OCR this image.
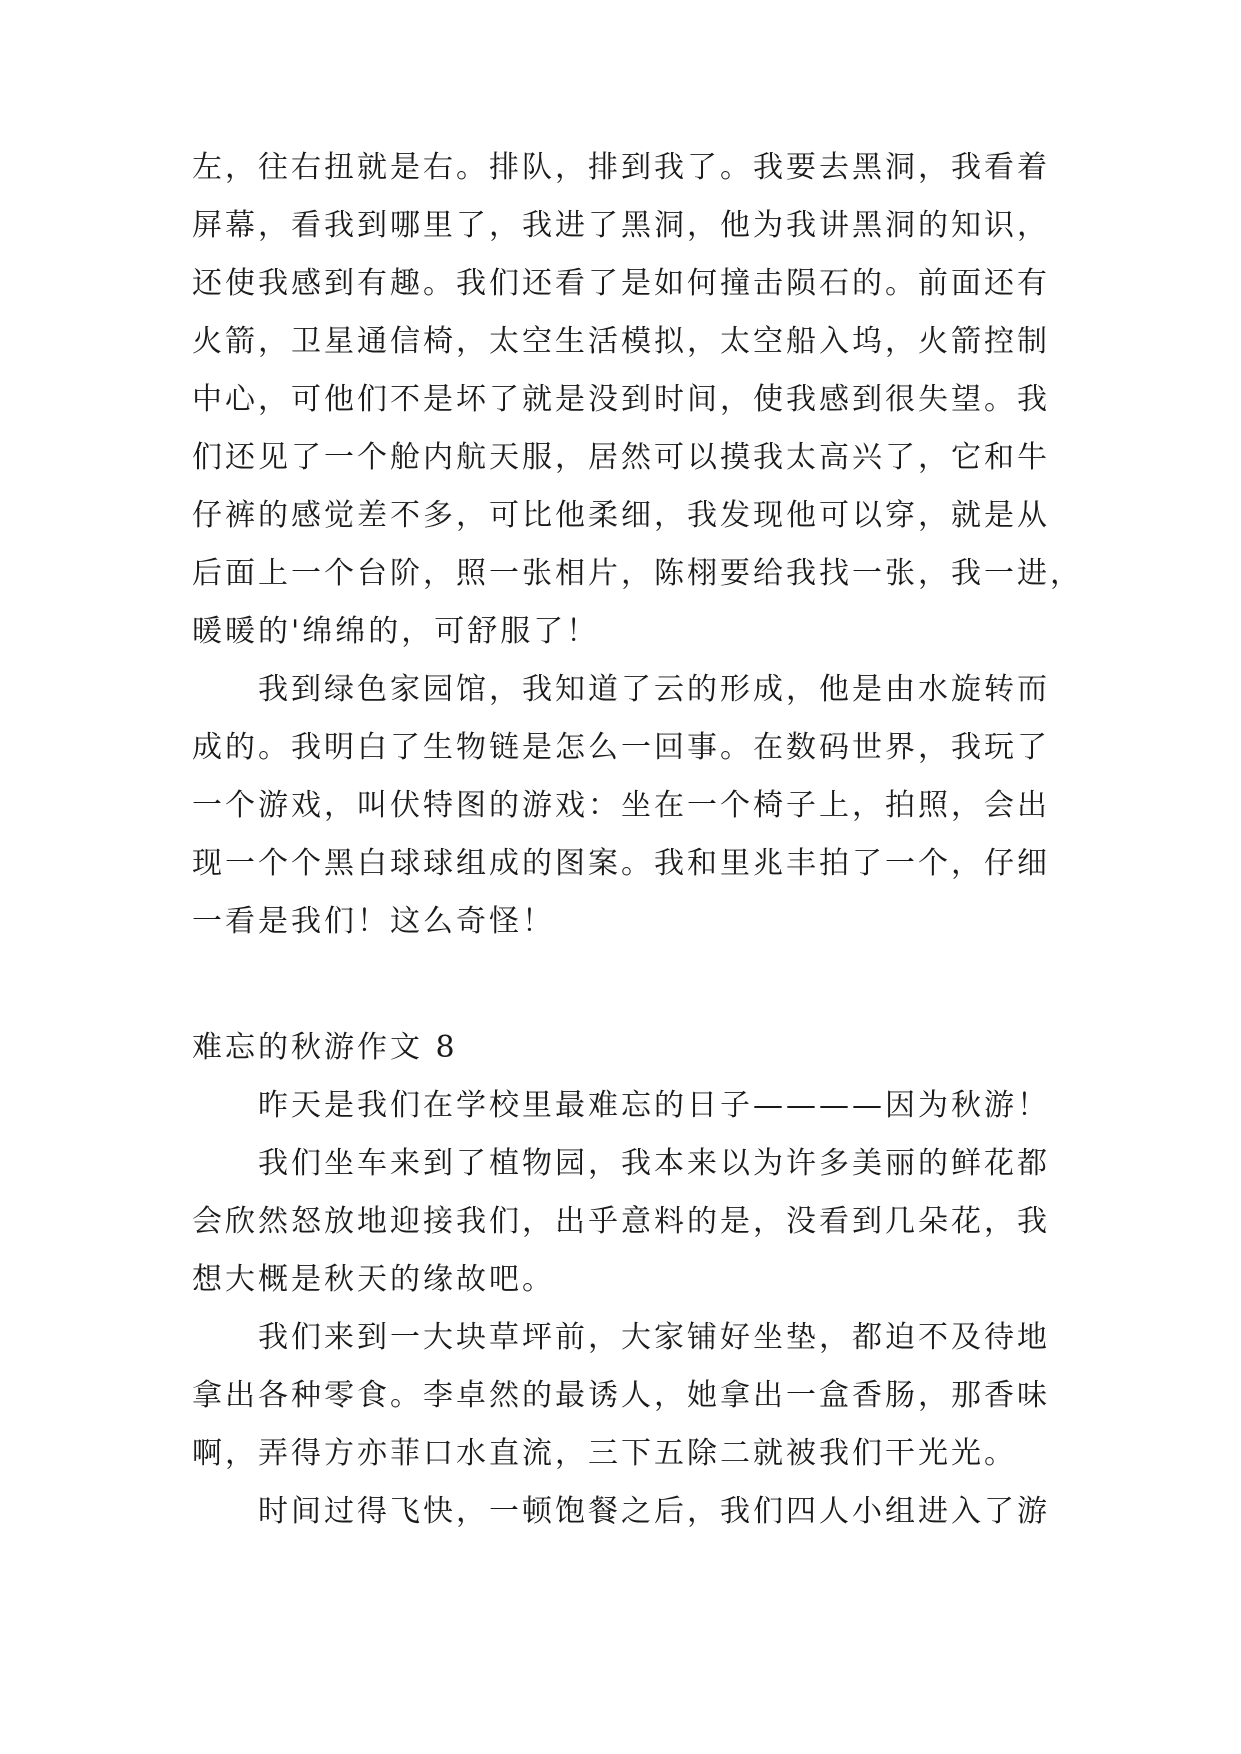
左，往右扭就是右。排队，排到我了。我要去黑洞，我看着
屏幕，看我到哪里了，我进了黑洞，他为我讲黑洞的知识，
还使我感到有趣。我们还看了是如何撞击陨石的。前面还有
火箭，卫星通信椅，太空生活模拟，太空船入坞，火箭控制
中心，可他们不是坏了就是没到时间，使我感到很失望。我
们还见了一个舱内航天服，居然可以摸我太高兴了，它和牛
仔裤的感觉差不多，可比他柔细，我发现他可以穿，就是从
后面上一个台阶，照一张相片，陈栩要给我找一张，我一进，
暖暖的'绵绵的，可舒服了！
我到绿色家园馆，我知道了云的形成，他是由水旋转而
成的。我明白了生物链是怎么一回事。在数码世界，我玩了
一个游戏，叫伏特图的游戏：坐在一个椅子上，拍照，会出
现一个个黑白球球组成的图案。我和里兆丰拍了一个，仔细
一看是我们！这么奇怪！
难忘的秋游作文 8
昨天是我们在学校里最难忘的日子————因为秋游！
我们坐车来到了植物园，我本来以为许多美丽的鲜花都
会欣然怒放地迎接我们，出乎意料的是，没看到几朵花，我
想大概是秋天的缘故吧。
我们来到一大块草坪前，大家铺好坐垫，都迫不及待地
拿出各种零食。李卓然的最诱人，她拿出一盒香肠，那香味
啊，弄得方亦菲口水直流，三下五除二就被我们干光光。
时间过得飞快，一顿饱餐之后，我们四人小组进入了游
